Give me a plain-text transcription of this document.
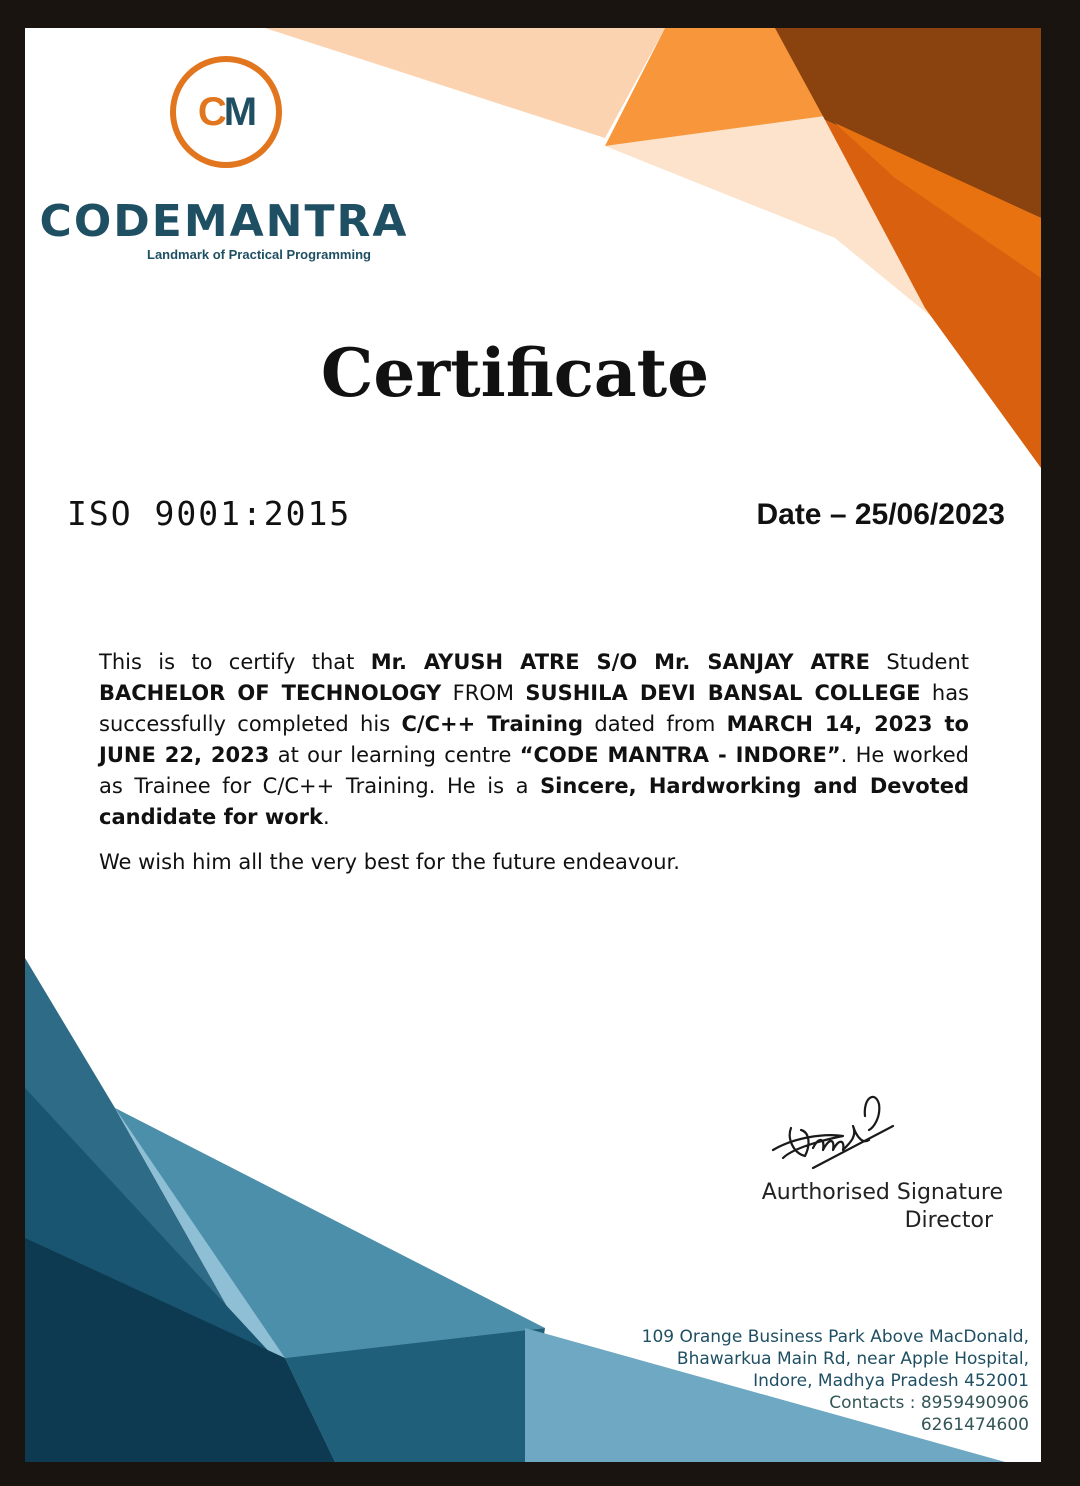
CM
CODEMANTRA
Landmark of Practical Programming
Certificate
ISO 9001:2015	Date – 25/06/2023

This is to certify that Mr. AYUSH ATRE S/O Mr. SANJAY ATRE Student BACHELOR OF TECHNOLOGY FROM SUSHILA DEVI BANSAL COLLEGE has successfully completed his C/C++ Training dated from MARCH 14, 2023 to JUNE 22, 2023 at our learning centre “CODE MANTRA - INDORE”. He worked as Trainee for C/C++ Training. He is a Sincere, Hardworking and Devoted candidate for work.

We wish him all the very best for the future endeavour.

Aurthorised Signature
Director
109 Orange Business Park Above MacDonald,
Bhawarkua Main Rd, near Apple Hospital,
Indore, Madhya Pradesh 452001
Contacts : 8959490906
6261474600
